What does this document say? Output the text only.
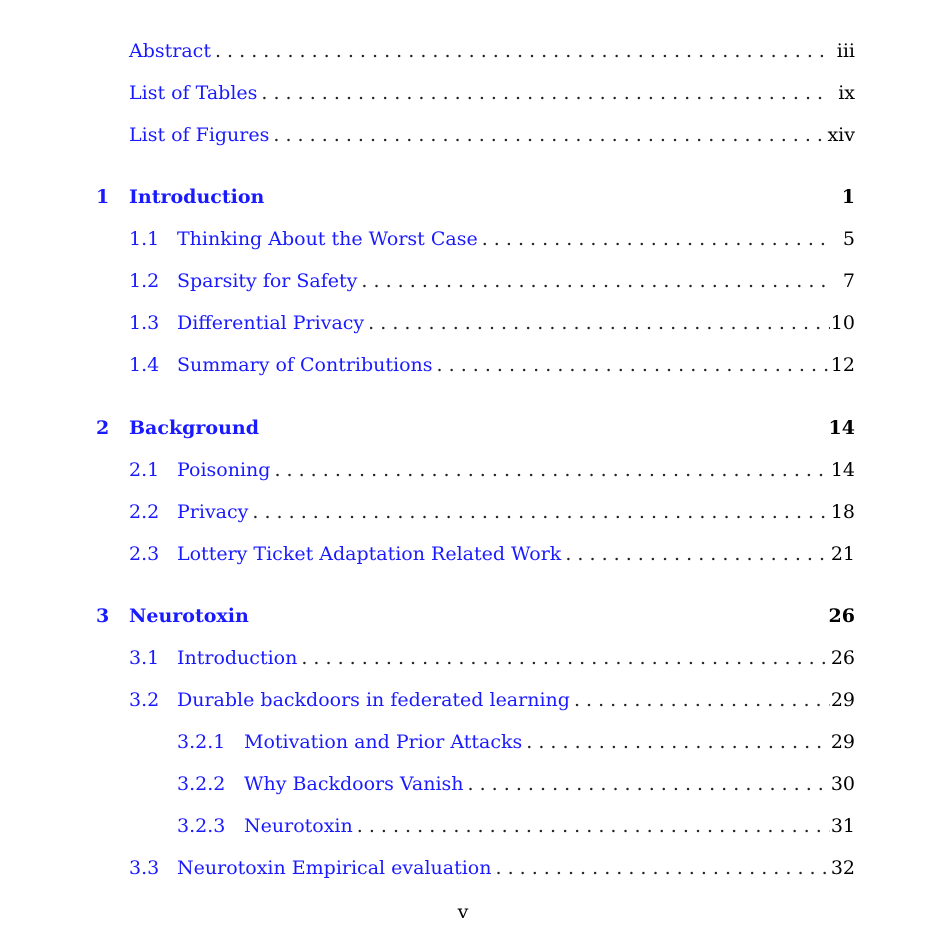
Abstract . . .	iii
List of Tables . . .	ix
List of Figures . . .	xiv
1 Introduction	1
1.1 Thinking About the Worst Case . . .	5
1.2 Sparsity for Safety . . .	7
1.3 Differential Privacy . . .	10
1.4 Summary of Contributions . . .	12
2 Background	14
2.1 Poisoning . . .	14
2.2 Privacy . . .	18
2.3 Lottery Ticket Adaptation Related Work . . .	21
3 Neurotoxin	26
3.1 Introduction . . .	26
3.2 Durable backdoors in federated learning . . .	29
3.2.1 Motivation and Prior Attacks . . .	29
3.2.2 Why Backdoors Vanish . . .	30
3.2.3 Neurotoxin . . .	31
3.3 Neurotoxin Empirical evaluation . . .	32
v
